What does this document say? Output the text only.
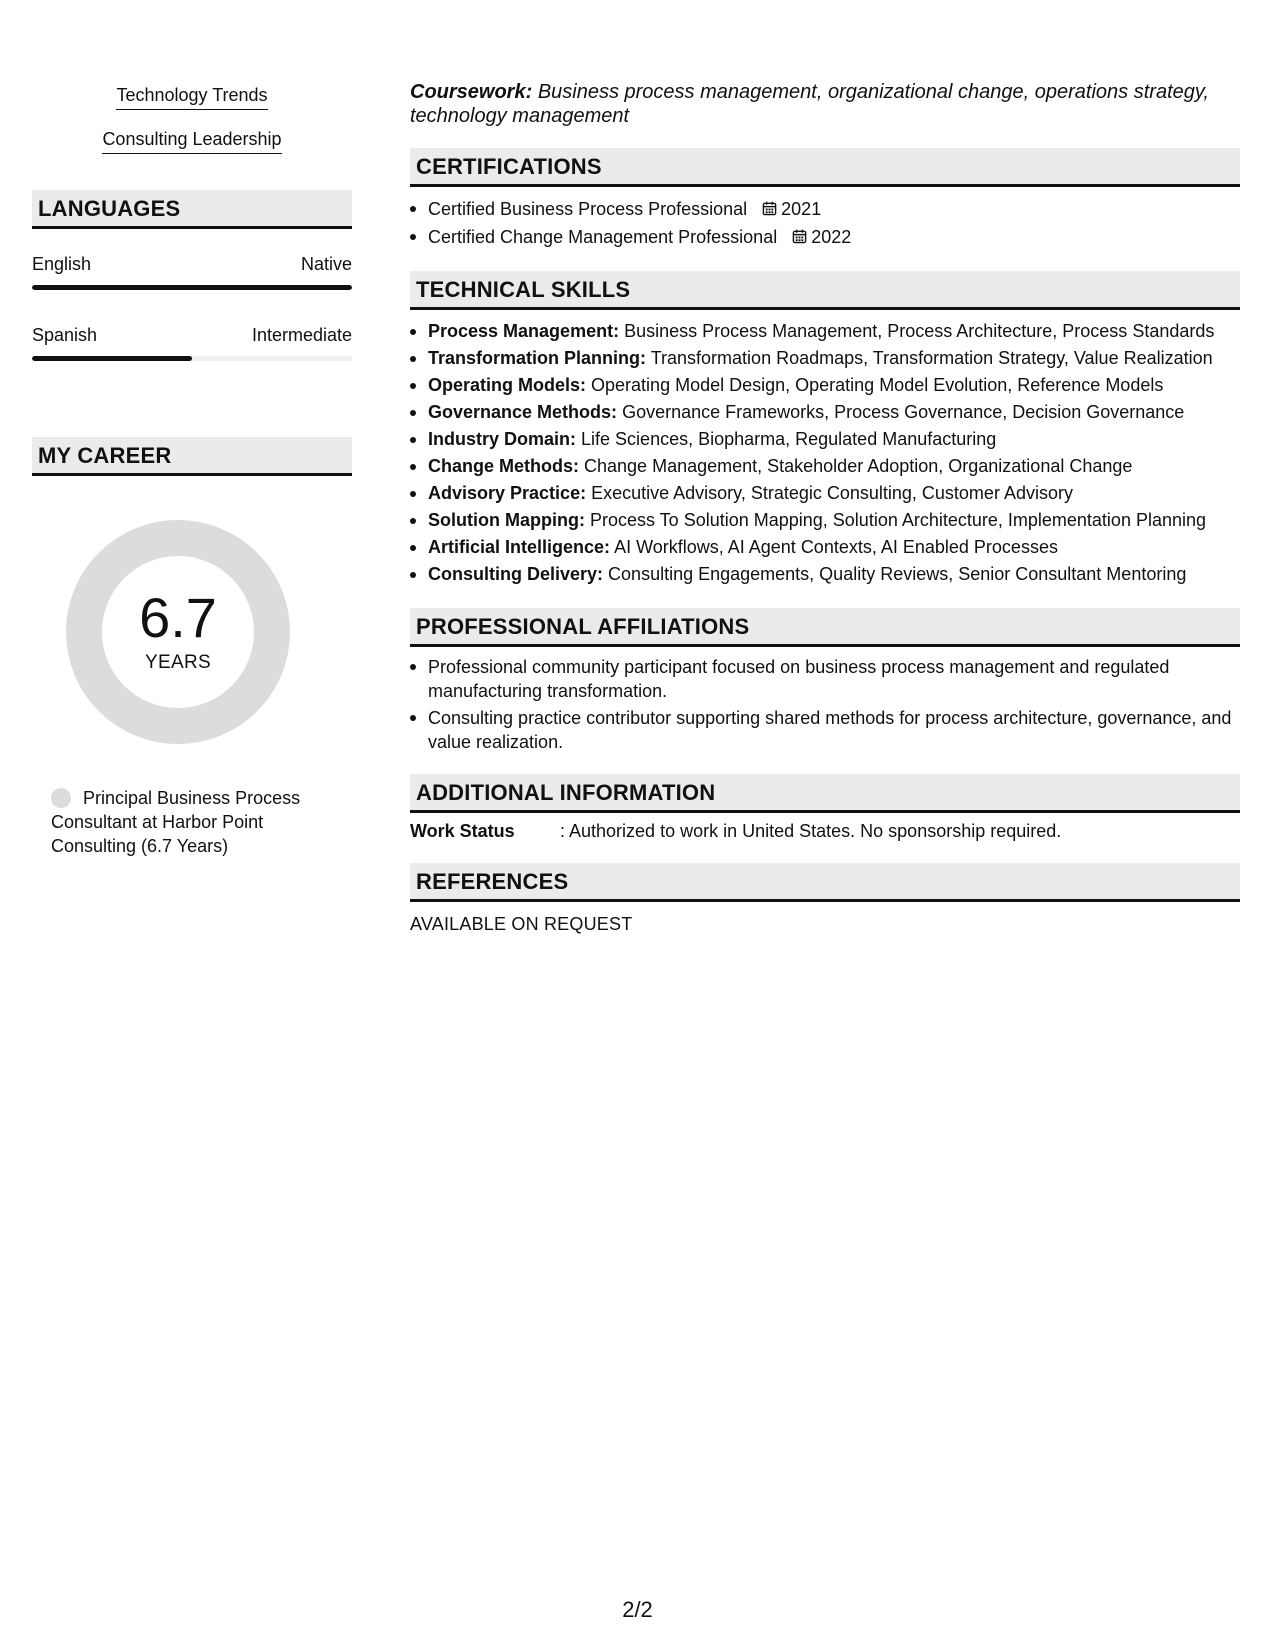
Technology Trends
Consulting Leadership
LANGUAGES
English	Native
Spanish	Intermediate
MY CAREER
6.7
YEARS
Principal Business Process Consultant at Harbor Point Consulting (6.7 Years)
Coursework: Business process management, organizational change, operations strategy, technology management
CERTIFICATIONS
Certified Business Process Professional 2021
Certified Change Management Professional 2022
TECHNICAL SKILLS
Process Management: Business Process Management, Process Architecture, Process Standards
Transformation Planning: Transformation Roadmaps, Transformation Strategy, Value Realization
Operating Models: Operating Model Design, Operating Model Evolution, Reference Models
Governance Methods: Governance Frameworks, Process Governance, Decision Governance
Industry Domain: Life Sciences, Biopharma, Regulated Manufacturing
Change Methods: Change Management, Stakeholder Adoption, Organizational Change
Advisory Practice: Executive Advisory, Strategic Consulting, Customer Advisory
Solution Mapping: Process To Solution Mapping, Solution Architecture, Implementation Planning
Artificial Intelligence: AI Workflows, AI Agent Contexts, AI Enabled Processes
Consulting Delivery: Consulting Engagements, Quality Reviews, Senior Consultant Mentoring
PROFESSIONAL AFFILIATIONS
Professional community participant focused on business process management and regulated manufacturing transformation.
Consulting practice contributor supporting shared methods for process architecture, governance, and value realization.
ADDITIONAL INFORMATION
Work Status	: Authorized to work in United States. No sponsorship required.
REFERENCES
AVAILABLE ON REQUEST
2/2
